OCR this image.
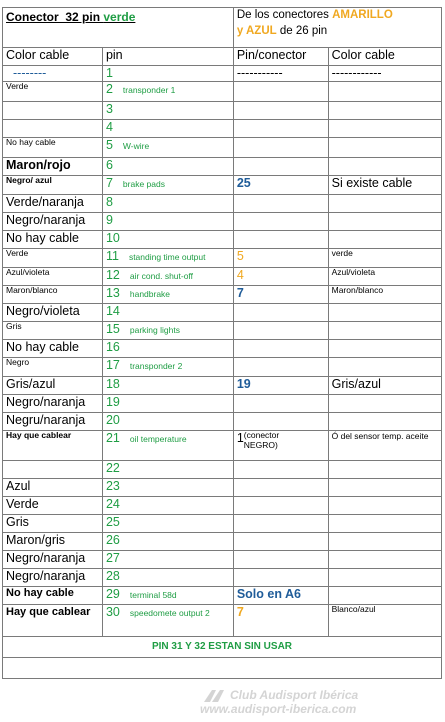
Conector_32 pin verde		De los conectores AMARILLO
y AZUL de 26 pin	
Color cable	pin	Pin/conector	Color cable
--------	1	-----------	------------
Verde	2 transponder 1		
	3		
	4		
No hay cable	5 W-wire		
Maron/rojo	6		
Negro/ azul	7 brake pads	25	Si existe cable
Verde/naranja	8		
Negro/naranja	9		
No hay cable	10		
Verde	11 standing time output	5	verde
Azul/violeta	12 air cond. shut-off	4	Azul/violeta
Maron/blanco	13 handbrake	7	Maron/blanco
Negro/violeta	14		
Gris	15 parking lights		
No hay cable	16		
Negro	17 transponder 2		
Gris/azul	18	19	Gris/azul
Negro/naranja	19		
Negru/naranja	20		
Hay que cablear	21 oil temperature	1(conector NEGRO)	Ó del sensor temp. aceite
	22		
Azul	23		
Verde	24		
Gris	25		
Maron/gris	26		
Negro/naranja	27		
Negro/naranja	28		
No hay cable	29 terminal 58d	Solo en A6	
Hay que cablear	30 speedomete output 2	7	Blanco/azul
PIN 31 Y 32 ESTAN SIN USAR			

Club Audisport Ibérica
www.audisport-iberica.com
